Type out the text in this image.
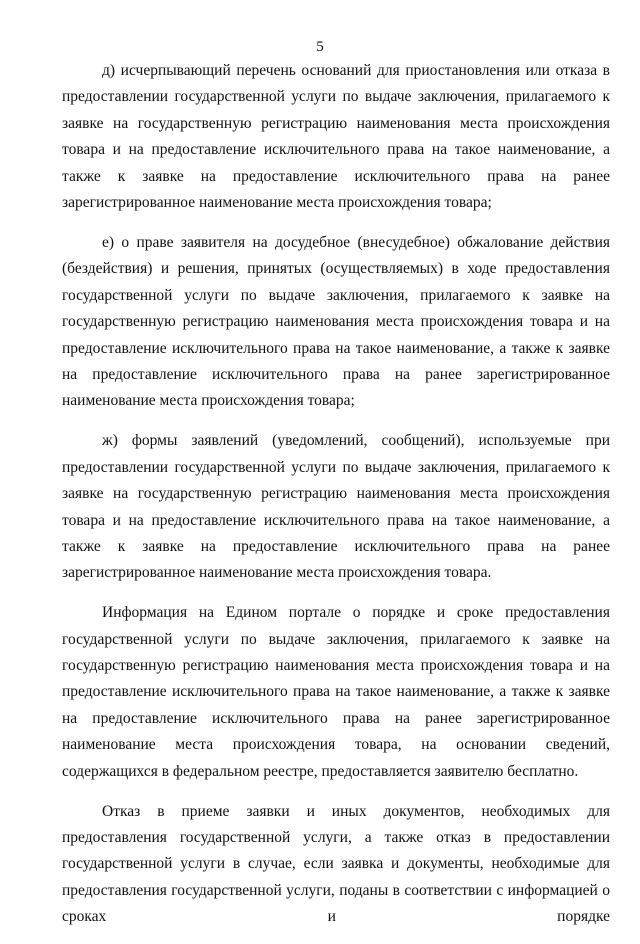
5

д) исчерпывающий перечень оснований для приостановления или отказа в предоставлении государственной услуги по выдаче заключения, прилагаемого к заявке на государственную регистрацию наименования места происхождения товара и на предоставление исключительного права на такое наименование, а также к заявке на предоставление исключительного права на ранее зарегистрированное наименование места происхождения товара;

е) о праве заявителя на досудебное (внесудебное) обжалование действия (бездействия) и решения, принятых (осуществляемых) в ходе предоставления государственной услуги по выдаче заключения, прилагаемого к заявке на государственную регистрацию наименования места происхождения товара и на предоставление исключительного права на такое наименование, а также к заявке на предоставление исключительного права на ранее зарегистрированное наименование места происхождения товара;

ж) формы заявлений (уведомлений, сообщений), используемые при предоставлении государственной услуги по выдаче заключения, прилагаемого к заявке на государственную регистрацию наименования места происхождения товара и на предоставление исключительного права на такое наименование, а также к заявке на предоставление исключительного права на ранее зарегистрированное наименование места происхождения товара.

Информация на Едином портале о порядке и сроке предоставления государственной услуги по выдаче заключения, прилагаемого к заявке на государственную регистрацию наименования места происхождения товара и на предоставление исключительного права на такое наименование, а также к заявке на предоставление исключительного права на ранее зарегистрированное наименование места происхождения товара, на основании сведений, содержащихся в федеральном реестре, предоставляется заявителю бесплатно.

Отказ в приеме заявки и иных документов, необходимых для предоставления государственной услуги, а также отказ в предоставлении государственной услуги в случае, если заявка и документы, необходимые для предоставления государственной услуги, поданы в соответствии с информацией о сроках и порядке
